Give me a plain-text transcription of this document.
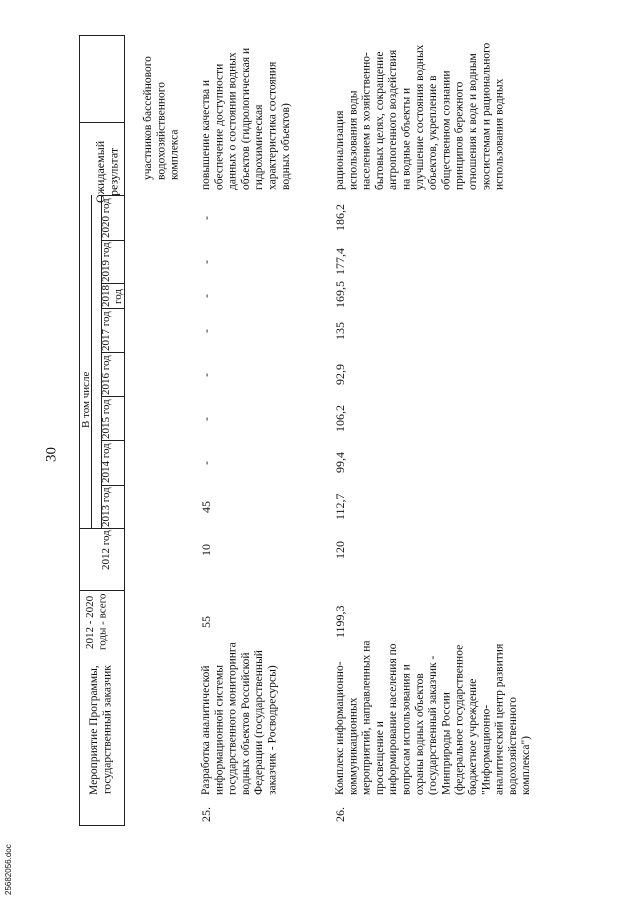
30
25682056.doc
Мероприятие Программы, государственный заказчик
2012 - 2020 годы - всего
В том числе
2012 год
2013 год
2014 год
2015 год
2016 год
2017 год
2018 год
2019 год
2020 год
Ожидаемый результат участников бассейнового водохозяйственного комплекса
25.
Разработка аналитической информационной системы государственного мониторинга водных объектов Российской Федерации (государственный заказчик - Росводресурсы)
55
10
45
-
-
-
-
-
-
-
повышение качества и обеспечение доступности данных о состоянии водных объектов (гидрологическая и гидрохимическая характеристика состояния водных объектов)
26.
Комплекс информационно-коммуникационных мероприятий, направленных на просвещение и информирование населения по вопросам использования и охраны водных объектов (государственный заказчик - Минприроды России (федеральное государственное бюджетное учреждение "Информационно-аналитический центр развития водохозяйственного комплекса")
1199,3
120
112,7
99,4
106,2
92,9
135
169,5
177,4
186,2
рационализация использования воды населением в хозяйственно-бытовых целях, сокращение антропогенного воздействия на водные объекты и улучшение состояния водных объектов, укрепление в общественном сознании принципов бережного отношения к воде и водным экосистемам и рационального использования водных
